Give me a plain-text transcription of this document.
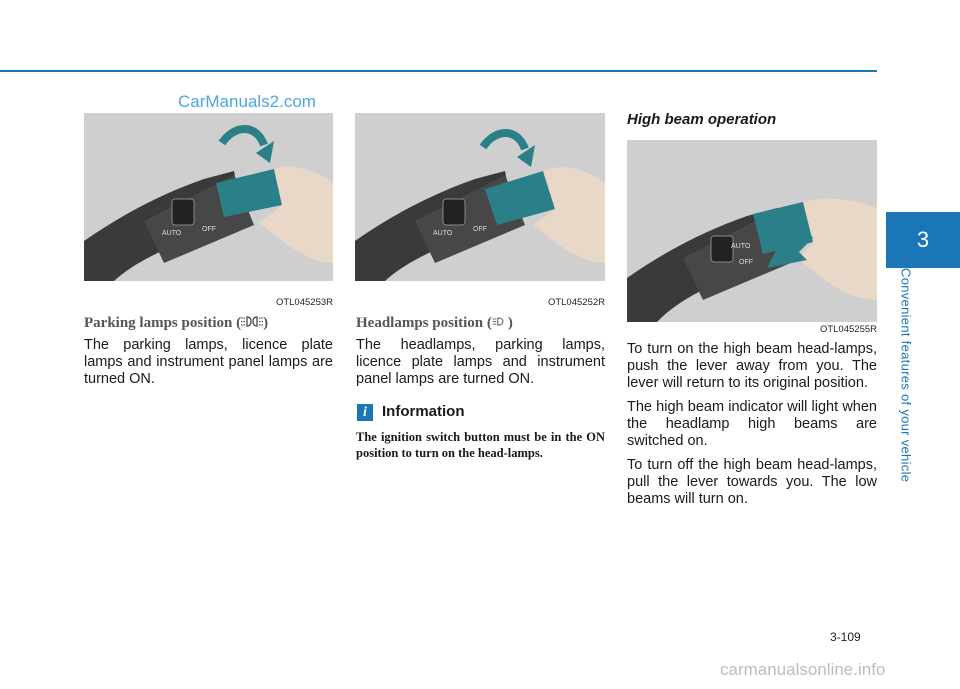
CarManuals2.com
3
Convenient features of your vehicle
AUTO
OFF
OTL045253R
AUTO
OFF
OTL045252R
AUTO
OFF
OTL045255R
Parking lamps position ( )

The parking lamps, licence plate lamps and instrument panel lamps are turned ON.

Headlamps position ( )

The headlamps, parking lamps, licence plate lamps and instrument panel lamps are turned ON.

i	Information
The ignition switch button must be in the ON position to turn on the head-lamps.
High beam operation

To turn on the high beam head-lamps, push the lever away from you. The lever will return to its original position.

The high beam indicator will light when the headlamp high beams are switched on.

To turn off the high beam head-lamps, pull the lever towards you. The low beams will turn on.

3-109
carmanualsonline.info
